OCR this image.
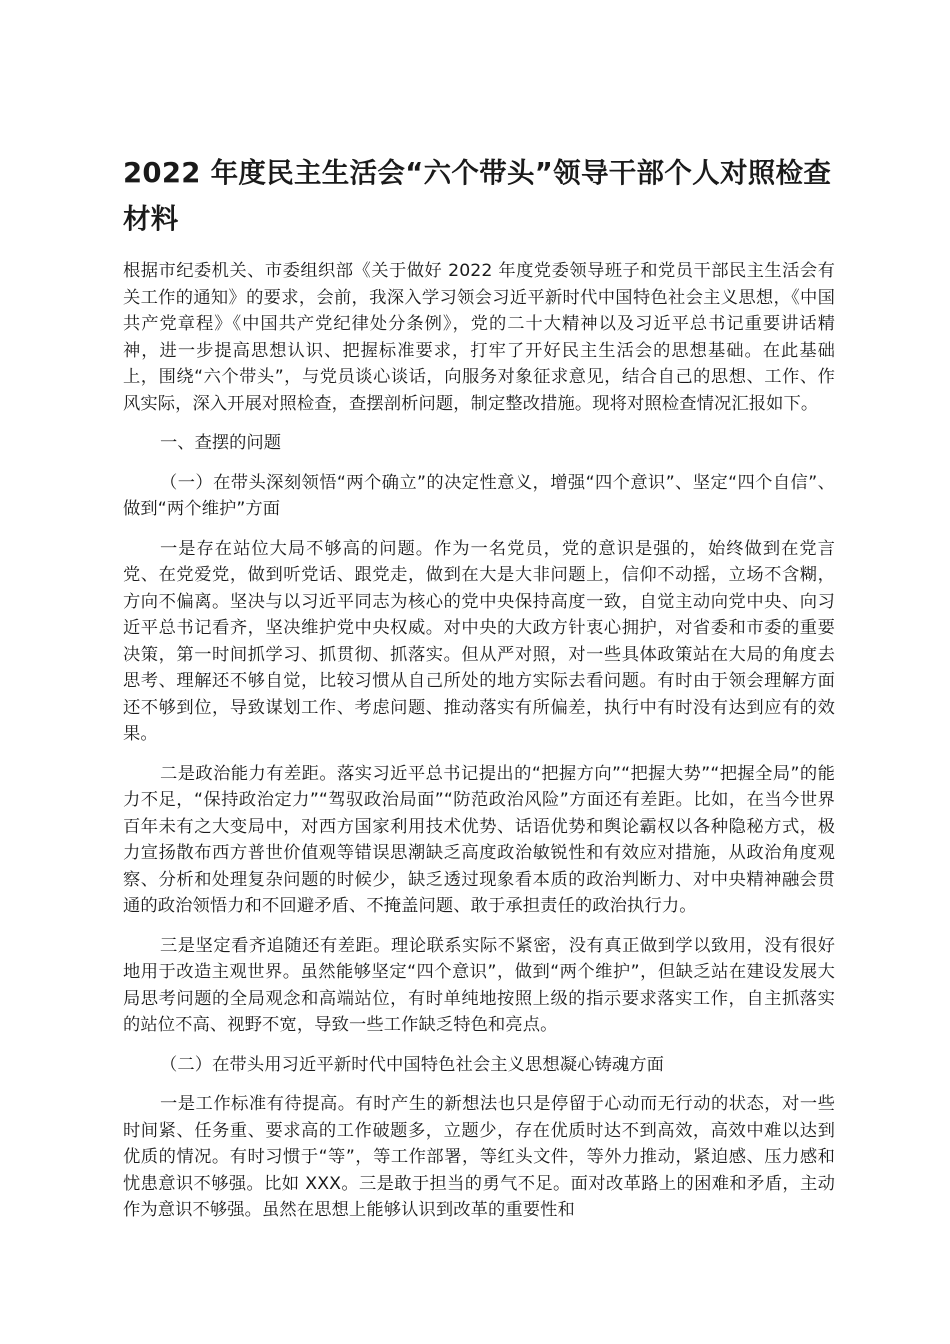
2022 年度民主生活会“六个带头”领导干部个人对照检查材料

根据市纪委机关、市委组织部《关于做好 2022 年度党委领导班子和党员干部民主生活会有关工作的通知》的要求，会前，我深入学习领会习近平新时代中国特色社会主义思想，《中国共产党章程》《中国共产党纪律处分条例》，党的二十大精神以及习近平总书记重要讲话精神，进一步提高思想认识、把握标准要求，打牢了开好民主生活会的思想基础。在此基础上，围绕“六个带头”，与党员谈心谈话，向服务对象征求意见，结合自己的思想、工作、作风实际，深入开展对照检查，查摆剖析问题，制定整改措施。现将对照检查情况汇报如下。

一、查摆的问题

（一）在带头深刻领悟“两个确立”的决定性意义，增强“四个意识”、坚定“四个自信”、做到“两个维护”方面

一是存在站位大局不够高的问题。作为一名党员，党的意识是强的，始终做到在党言党、在党爱党，做到听党话、跟党走，做到在大是大非问题上，信仰不动摇，立场不含糊，方向不偏离。坚决与以习近平同志为核心的党中央保持高度一致，自觉主动向党中央、向习近平总书记看齐，坚决维护党中央权威。对中央的大政方针衷心拥护，对省委和市委的重要决策，第一时间抓学习、抓贯彻、抓落实。但从严对照，对一些具体政策站在大局的角度去思考、理解还不够自觉，比较习惯从自己所处的地方实际去看问题。有时由于领会理解方面还不够到位，导致谋划工作、考虑问题、推动落实有所偏差，执行中有时没有达到应有的效果。

二是政治能力有差距。落实习近平总书记提出的“把握方向”“把握大势”“把握全局”的能力不足，“保持政治定力”“驾驭政治局面”“防范政治风险”方面还有差距。比如，在当今世界百年未有之大变局中，对西方国家利用技术优势、话语优势和舆论霸权以各种隐秘方式，极力宣扬散布西方普世价值观等错误思潮缺乏高度政治敏锐性和有效应对措施，从政治角度观察、分析和处理复杂问题的时候少，缺乏透过现象看本质的政治判断力、对中央精神融会贯通的政治领悟力和不回避矛盾、不掩盖问题、敢于承担责任的政治执行力。

三是坚定看齐追随还有差距。理论联系实际不紧密，没有真正做到学以致用，没有很好地用于改造主观世界。虽然能够坚定“四个意识”，做到“两个维护”，但缺乏站在建设发展大局思考问题的全局观念和高端站位，有时单纯地按照上级的指示要求落实工作，自主抓落实的站位不高、视野不宽，导致一些工作缺乏特色和亮点。

（二）在带头用习近平新时代中国特色社会主义思想凝心铸魂方面

一是工作标准有待提高。有时产生的新想法也只是停留于心动而无行动的状态，对一些时间紧、任务重、要求高的工作破题多，立题少，存在优质时达不到高效，高效中难以达到优质的情况。有时习惯于“等”，等工作部署，等红头文件，等外力推动，紧迫感、压力感和忧患意识不够强。比如 XXX。三是敢于担当的勇气不足。面对改革路上的困难和矛盾，主动作为意识不够强。虽然在思想上能够认识到改革的重要性和
